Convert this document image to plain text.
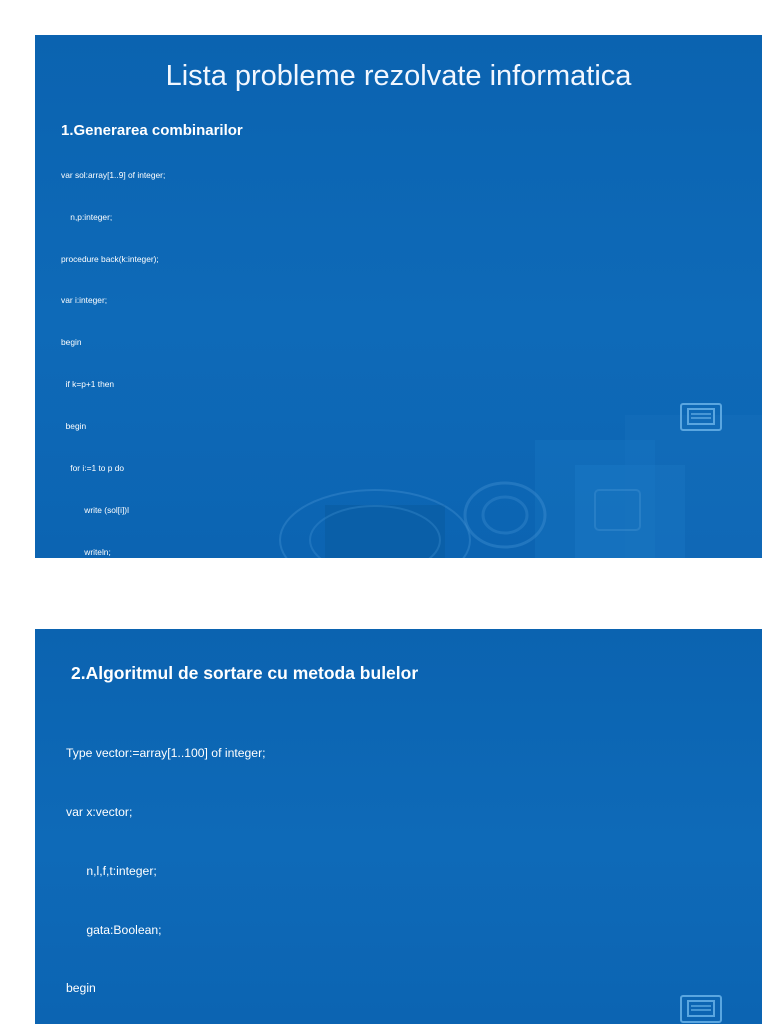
Lista probleme rezolvate informatica
1.Generarea combinarilor

var sol:array[1..9] of integer;

n,p:integer;

procedure back(k:integer);

var i:integer;

begin

if k=p+1 then

begin

for i:=1 to p do

write (sol[i])l

writeln;

2.Algoritmul de sortare cu metoda bulelor

Type vector:=array[1..100] of integer;

var x:vector;

n,l,f,t:integer;

gata:Boolean;

begin
